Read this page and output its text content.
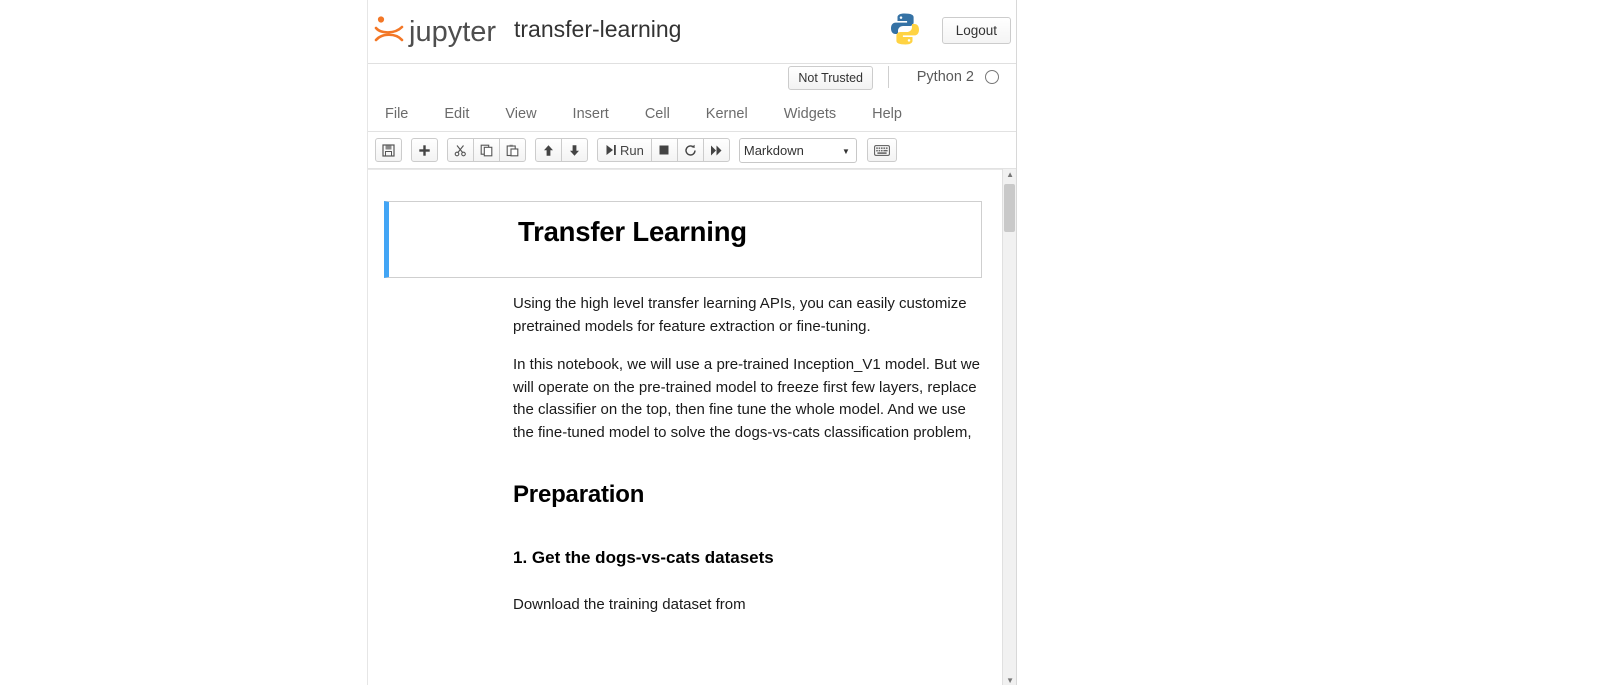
jupyter transfer-learning	Logout
Not Trusted	Python 2
File	Edit	View	Insert	Cell	Kernel	Widgets	Help
Run
Markdown	▼
▲
▼
Transfer Learning
Using the high level transfer learning APIs, you can easily customize pretrained models for feature extraction or fine-tuning.
In this notebook, we will use a pre-trained Inception_V1 model. But we will operate on the pre-trained model to freeze first few layers, replace the classifier on the top, then fine tune the whole model. And we use the fine-tuned model to solve the dogs-vs-cats classification problem,
Preparation
1. Get the dogs-vs-cats datasets
Download the training dataset from
